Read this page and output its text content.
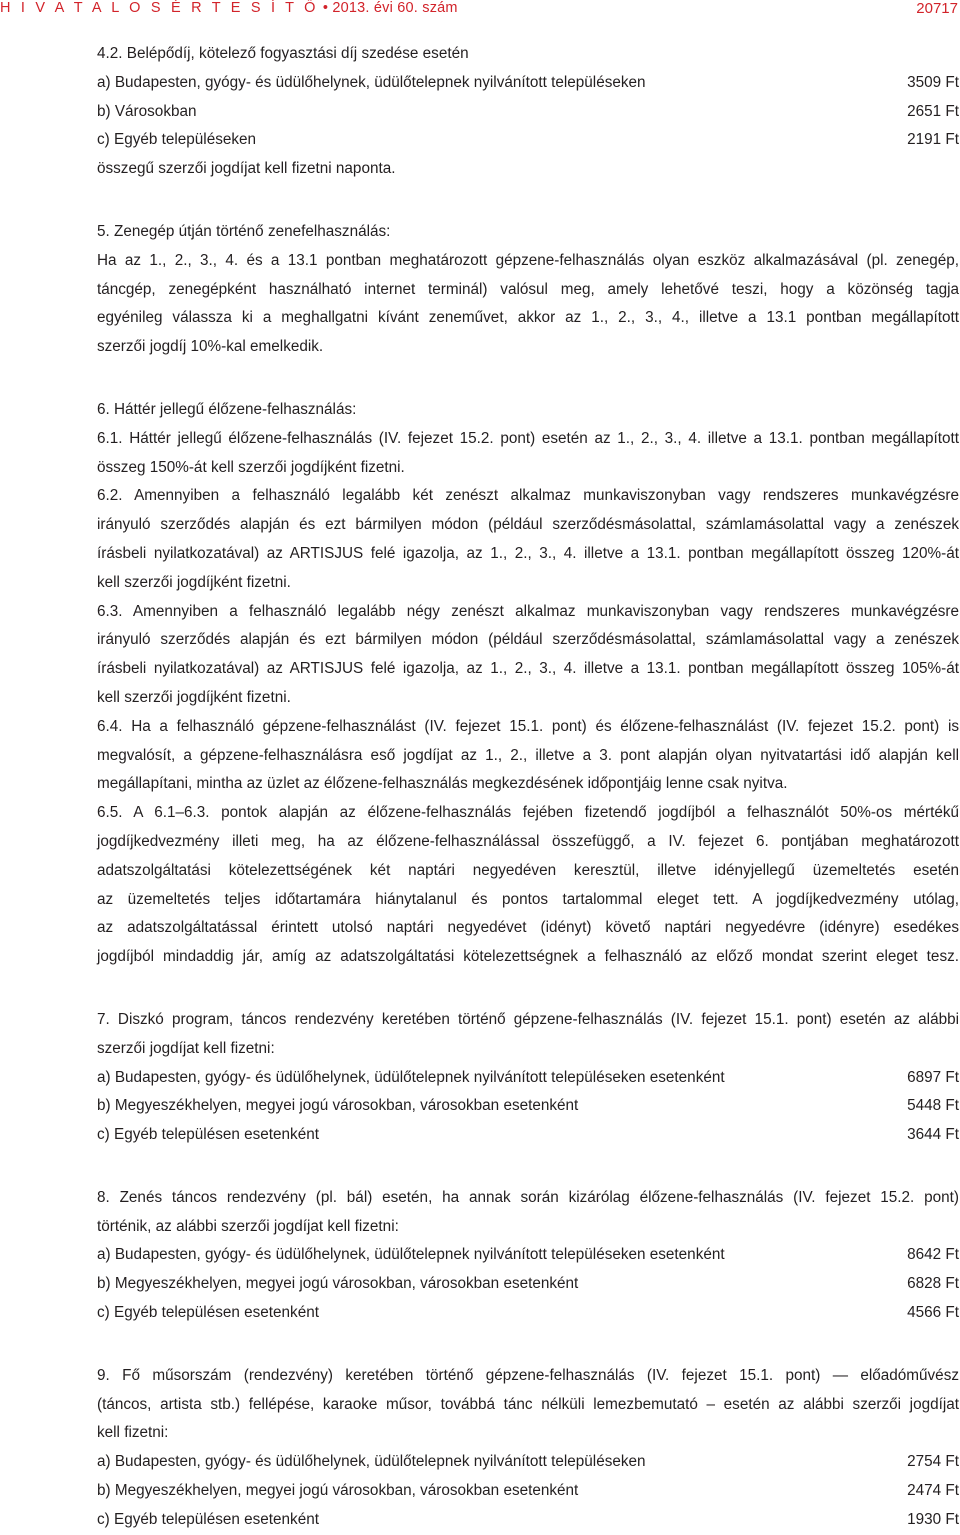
H I V A T A L O S É R T E S Í T Ő • 2013. évi 60. szám	20717
4.2. Belépődíj, kötelező fogyasztási díj szedése esetén
a) Budapesten, gyógy- és üdülőhelynek, üdülőtelepnek nyilvánított településeken	3509 Ft
b) Városokban	2651 Ft
c) Egyéb településeken	2191 Ft
összegű szerzői jogdíjat kell fizetni naponta.
5. Zenegép útján történő zenefelhasználás:
Ha az 1., 2., 3., 4. és a 13.1 pontban meghatározott gépzene-felhasználás olyan eszköz alkalmazásával (pl. zenegép,
táncgép, zenegépként használható internet terminál) valósul meg, amely lehetővé teszi, hogy a közönség tagja
egyénileg válassza ki a meghallgatni kívánt zeneművet, akkor az 1., 2., 3., 4., illetve a 13.1 pontban megállapított
szerzői jogdíj 10%-kal emelkedik.
6. Háttér jellegű élőzene-felhasználás:
6.1. Háttér jellegű élőzene-felhasználás (IV. fejezet 15.2. pont) esetén az 1., 2., 3., 4. illetve a 13.1. pontban megállapított
összeg 150%-át kell szerzői jogdíjként fizetni.
6.2. Amennyiben a felhasználó legalább két zenészt alkalmaz munkaviszonyban vagy rendszeres munkavégzésre
irányuló szerződés alapján és ezt bármilyen módon (például szerződésmásolattal, számlamásolattal vagy a zenészek
írásbeli nyilatkozatával) az ARTISJUS felé igazolja, az 1., 2., 3., 4. illetve a 13.1. pontban megállapított összeg 120%-át
kell szerzői jogdíjként fizetni.
6.3. Amennyiben a felhasználó legalább négy zenészt alkalmaz munkaviszonyban vagy rendszeres munkavégzésre
irányuló szerződés alapján és ezt bármilyen módon (például szerződésmásolattal, számlamásolattal vagy a zenészek
írásbeli nyilatkozatával) az ARTISJUS felé igazolja, az 1., 2., 3., 4. illetve a 13.1. pontban megállapított összeg 105%-át
kell szerzői jogdíjként fizetni.
6.4. Ha a felhasználó gépzene-felhasználást (IV. fejezet 15.1. pont) és élőzene-felhasználást (IV. fejezet 15.2. pont) is
megvalósít, a gépzene-felhasználásra eső jogdíjat az 1., 2., illetve a 3. pont alapján olyan nyitvatartási idő alapján kell
megállapítani, mintha az üzlet az élőzene-felhasználás megkezdésének időpontjáig lenne csak nyitva.
6.5. A 6.1–6.3. pontok alapján az élőzene-felhasználás fejében fizetendő jogdíjból a felhasználót 50%-os mértékű
jogdíjkedvezmény illeti meg, ha az élőzene-felhasználással összefüggő, a IV. fejezet 6. pontjában meghatározott
adatszolgáltatási kötelezettségének két naptári negyedéven keresztül, illetve idényjellegű üzemeltetés esetén
az üzemeltetés teljes időtartamára hiánytalanul és pontos tartalommal eleget tett. A jogdíjkedvezmény utólag,
az adatszolgáltatással érintett utolsó naptári negyedévet (idényt) követő naptári negyedévre (idényre) esedékes
jogdíjból mindaddig jár, amíg az adatszolgáltatási kötelezettségnek a felhasználó az előző mondat szerint eleget tesz.
7. Diszkó program, táncos rendezvény keretében történő gépzene-felhasználás (IV. fejezet 15.1. pont) esetén az alábbi
szerzői jogdíjat kell fizetni:
a) Budapesten, gyógy- és üdülőhelynek, üdülőtelepnek nyilvánított településeken esetenként	6897 Ft
b) Megyeszékhelyen, megyei jogú városokban, városokban esetenként	5448 Ft
c) Egyéb településen esetenként	3644 Ft
8. Zenés táncos rendezvény (pl. bál) esetén, ha annak során kizárólag élőzene-felhasználás (IV. fejezet 15.2. pont)
történik, az alábbi szerzői jogdíjat kell fizetni:
a) Budapesten, gyógy- és üdülőhelynek, üdülőtelepnek nyilvánított településeken esetenként	8642 Ft
b) Megyeszékhelyen, megyei jogú városokban, városokban esetenként	6828 Ft
c) Egyéb településen esetenként	4566 Ft
9. Fő műsorszám (rendezvény) keretében történő gépzene-felhasználás (IV. fejezet 15.1. pont) — előadóművész
(táncos, artista stb.) fellépése, karaoke műsor, továbbá tánc nélküli lemezbemutató – esetén az alábbi szerzői jogdíjat
kell fizetni:
a) Budapesten, gyógy- és üdülőhelynek, üdülőtelepnek nyilvánított településeken	2754 Ft
b) Megyeszékhelyen, megyei jogú városokban, városokban esetenként	2474 Ft
c) Egyéb településen esetenként	1930 Ft
